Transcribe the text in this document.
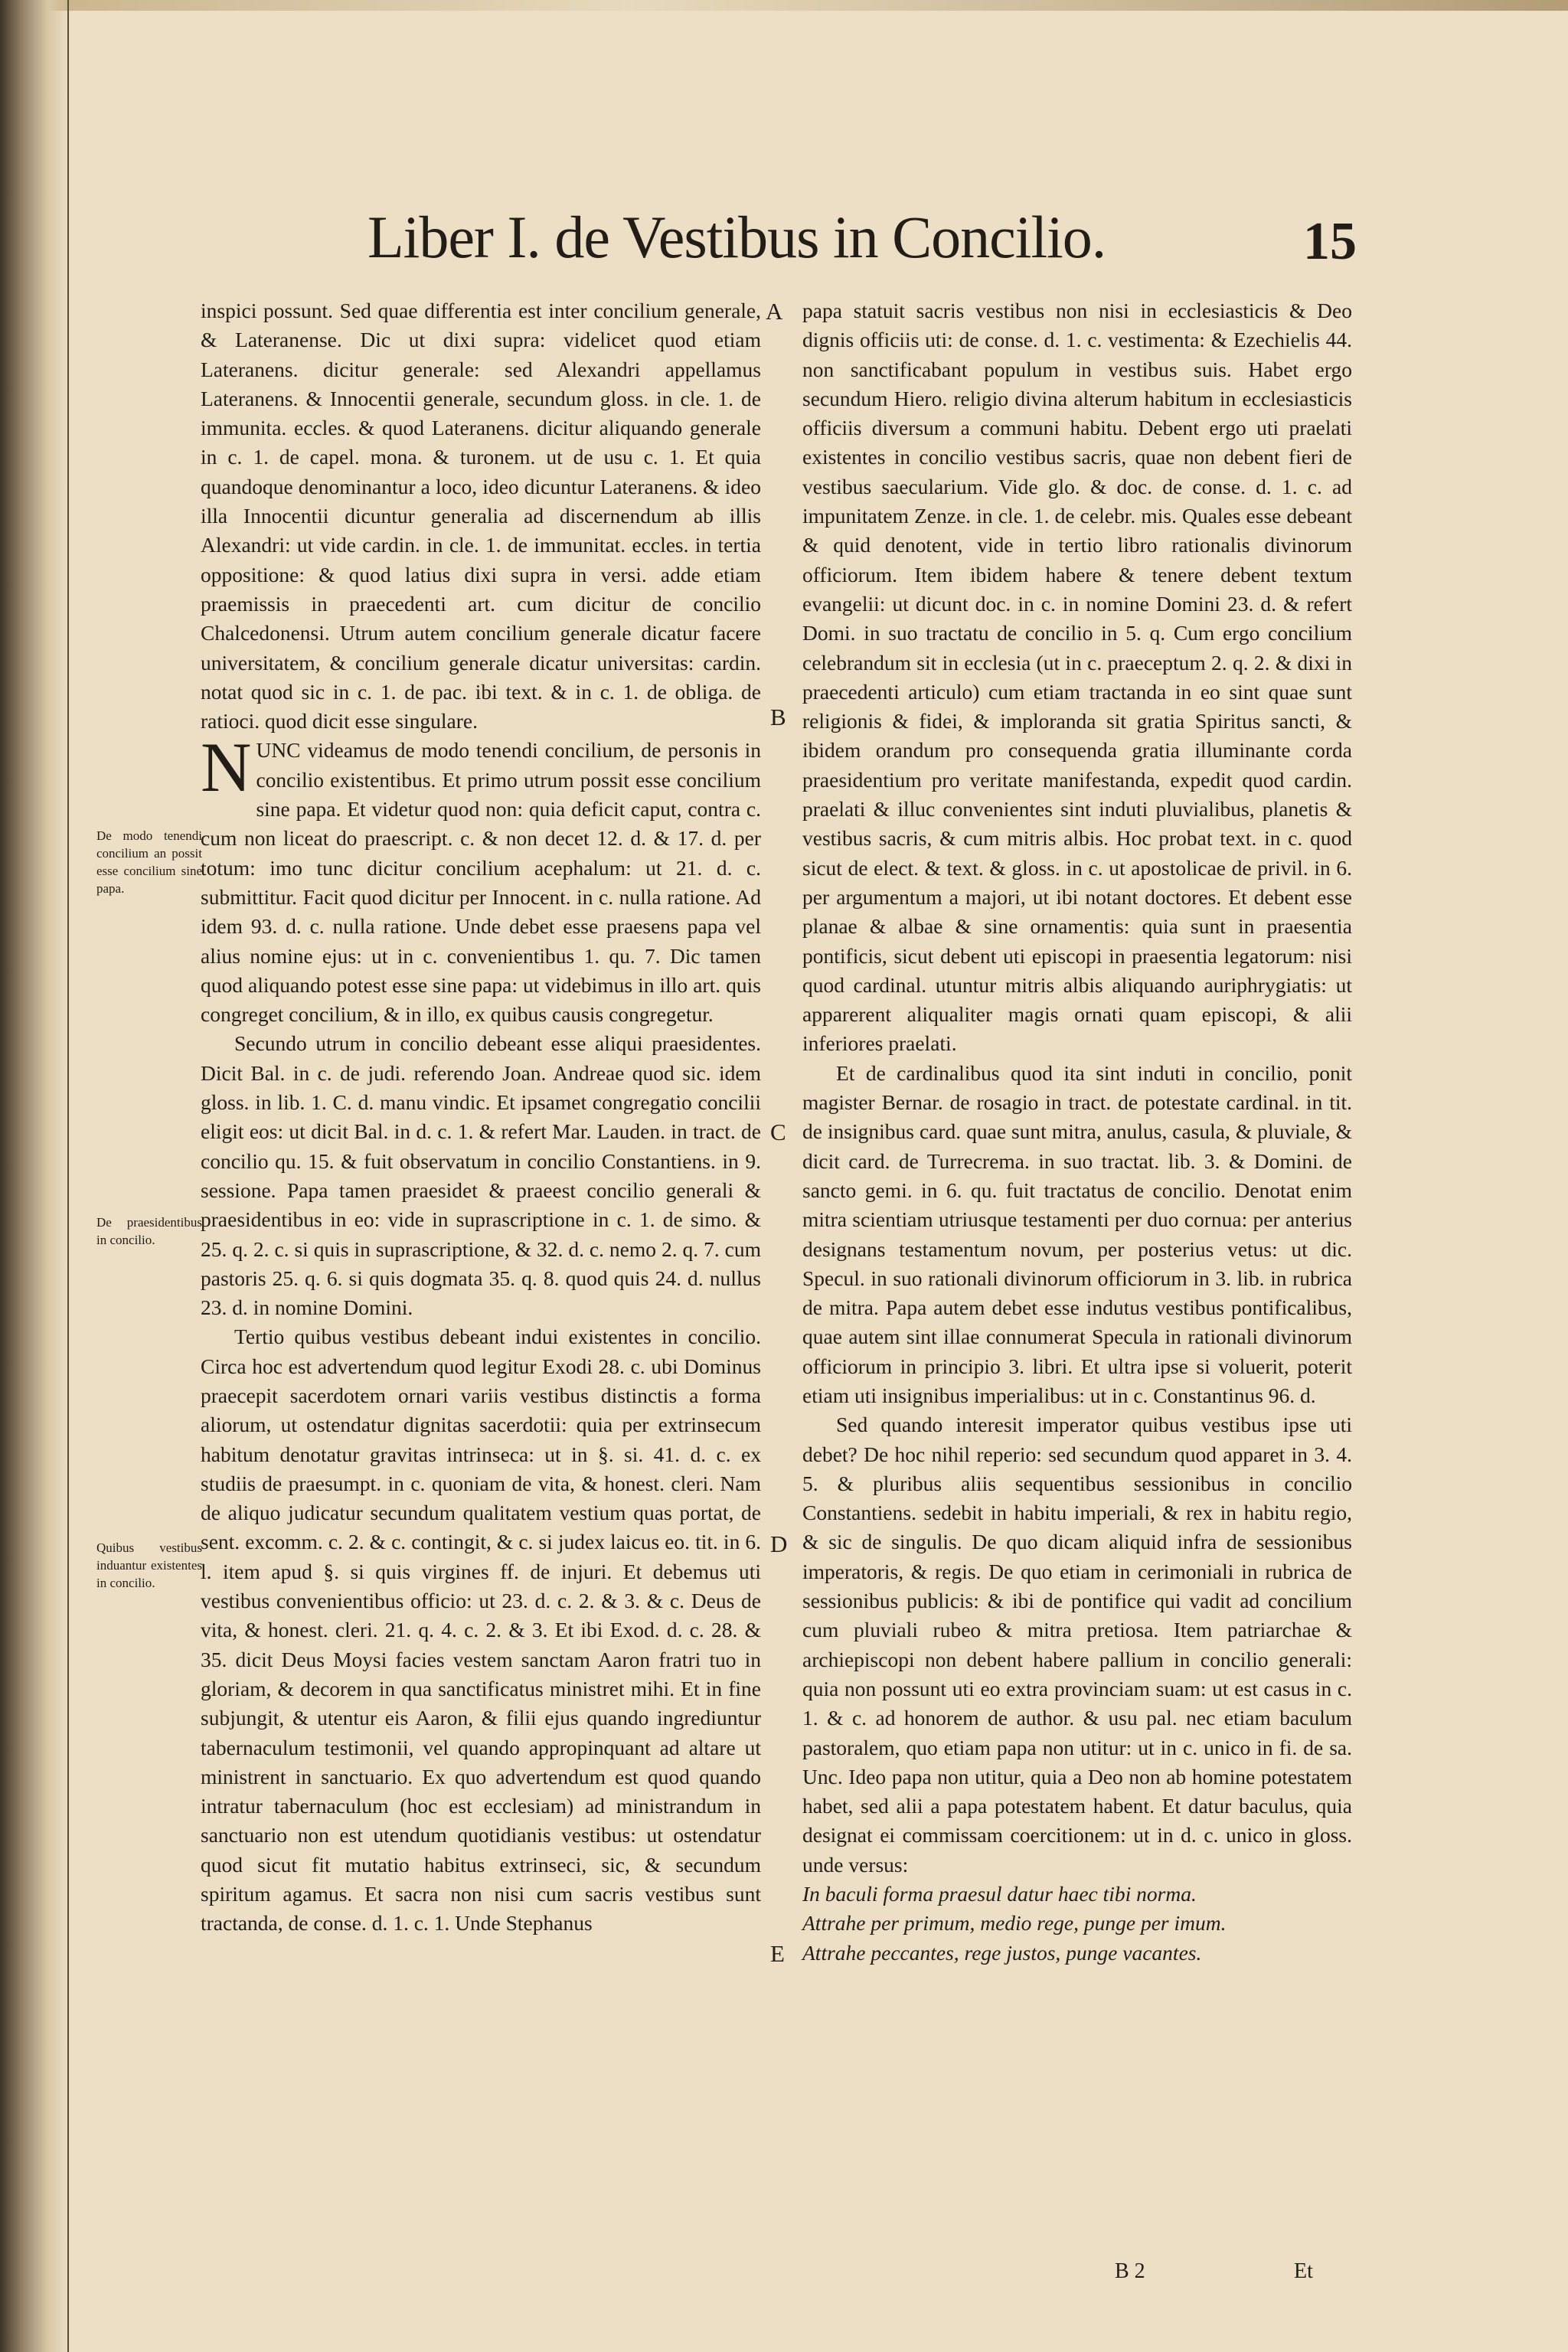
Liber I. de Vestibus in Concilio.	15
De modo tenendi concilium an possit esse concilium sine papa.
De praesidentibus in concilio.
Quibus vestibus induantur existentes in concilio.
A
B
C
D
E

inspici possunt. Sed quae differentia est inter concilium generale, & Lateranense. Dic ut dixi supra: videlicet quod etiam Lateranens. dicitur generale: sed Alexandri appellamus Lateranens. & Innocentii generale, secundum gloss. in cle. 1. de immunita. eccles. & quod Lateranens. dicitur aliquando generale in c. 1. de capel. mona. & turonem. ut de usu c. 1. Et quia quandoque denominantur a loco, ideo dicuntur Lateranens. & ideo illa Innocentii dicuntur generalia ad discernendum ab illis Alexandri: ut vide cardin. in cle. 1. de immunitat. eccles. in tertia oppositione: & quod latius dixi supra in versi. adde etiam praemissis in praecedenti art. cum dicitur de concilio Chalcedonensi. Utrum autem concilium generale dicatur facere universitatem, & concilium generale dicatur universitas: cardin. notat quod sic in c. 1. de pac. ibi text. & in c. 1. de obliga. de ratioci. quod dicit esse singulare.

NUNC videamus de modo tenendi concilium, de personis in concilio existentibus. Et primo utrum possit esse concilium sine papa. Et videtur quod non: quia deficit caput, contra c. cum non liceat do praescript. c. & non decet 12. d. & 17. d. per totum: imo tunc dicitur concilium acephalum: ut 21. d. c. submittitur. Facit quod dicitur per Innocent. in c. nulla ratione. Ad idem 93. d. c. nulla ratione. Unde debet esse praesens papa vel alius nomine ejus: ut in c. convenientibus 1. qu. 7. Dic tamen quod aliquando potest esse sine papa: ut videbimus in illo art. quis congreget concilium, & in illo, ex quibus causis congregetur.

Secundo utrum in concilio debeant esse aliqui praesidentes. Dicit Bal. in c. de judi. referendo Joan. Andreae quod sic. idem gloss. in lib. 1. C. d. manu vindic. Et ipsamet congregatio concilii eligit eos: ut dicit Bal. in d. c. 1. & refert Mar. Lauden. in tract. de concilio qu. 15. & fuit observatum in concilio Constantiens. in 9. sessione. Papa tamen praesidet & praeest concilio generali & praesidentibus in eo: vide in suprascriptione in c. 1. de simo. & 25. q. 2. c. si quis in suprascriptione, & 32. d. c. nemo 2. q. 7. cum pastoris 25. q. 6. si quis dogmata 35. q. 8. quod quis 24. d. nullus 23. d. in nomine Domini.

Tertio quibus vestibus debeant indui existentes in concilio. Circa hoc est advertendum quod legitur Exodi 28. c. ubi Dominus praecepit sacerdotem ornari variis vestibus distinctis a forma aliorum, ut ostendatur dignitas sacerdotii: quia per extrinsecum habitum denotatur gravitas intrinseca: ut in §. si. 41. d. c. ex studiis de praesumpt. in c. quoniam de vita, & honest. cleri. Nam de aliquo judicatur secundum qualitatem vestium quas portat, de sent. excomm. c. 2. & c. contingit, & c. si judex laicus eo. tit. in 6. l. item apud §. si quis virgines ff. de injuri. Et debemus uti vestibus convenientibus officio: ut 23. d. c. 2. & 3. & c. Deus de vita, & honest. cleri. 21. q. 4. c. 2. & 3. Et ibi Exod. d. c. 28. & 35. dicit Deus Moysi facies vestem sanctam Aaron fratri tuo in gloriam, & decorem in qua sanctificatus ministret mihi. Et in fine subjungit, & utentur eis Aaron, & filii ejus quando ingrediuntur tabernaculum testimonii, vel quando appropinquant ad altare ut ministrent in sanctuario. Ex quo advertendum est quod quando intratur tabernaculum (hoc est ecclesiam) ad ministrandum in sanctuario non est utendum quotidianis vestibus: ut ostendatur quod sicut fit mutatio habitus extrinseci, sic, & secundum spiritum agamus. Et sacra non nisi cum sacris vestibus sunt tractanda, de conse. d. 1. c. 1. Unde Stephanus

papa statuit sacris vestibus non nisi in ecclesiasticis & Deo dignis officiis uti: de conse. d. 1. c. vestimenta: & Ezechielis 44. non sanctificabant populum in vestibus suis. Habet ergo secundum Hiero. religio divina alterum habitum in ecclesiasticis officiis diversum a communi habitu. Debent ergo uti praelati existentes in concilio vestibus sacris, quae non debent fieri de vestibus saecularium. Vide glo. & doc. de conse. d. 1. c. ad impunitatem Zenze. in cle. 1. de celebr. mis. Quales esse debeant & quid denotent, vide in tertio libro rationalis divinorum officiorum. Item ibidem habere & tenere debent textum evangelii: ut dicunt doc. in c. in nomine Domini 23. d. & refert Domi. in suo tractatu de concilio in 5. q. Cum ergo concilium celebrandum sit in ecclesia (ut in c. praeceptum 2. q. 2. & dixi in praecedenti articulo) cum etiam tractanda in eo sint quae sunt religionis & fidei, & imploranda sit gratia Spiritus sancti, & ibidem orandum pro consequenda gratia illuminante corda praesidentium pro veritate manifestanda, expedit quod cardin. praelati & illuc convenientes sint induti pluvialibus, planetis & vestibus sacris, & cum mitris albis. Hoc probat text. in c. quod sicut de elect. & text. & gloss. in c. ut apostolicae de privil. in 6. per argumentum a majori, ut ibi notant doctores. Et debent esse planae & albae & sine ornamentis: quia sunt in praesentia pontificis, sicut debent uti episcopi in praesentia legatorum: nisi quod cardinal. utuntur mitris albis aliquando auriphrygiatis: ut apparerent aliqualiter magis ornati quam episcopi, & alii inferiores praelati.

Et de cardinalibus quod ita sint induti in concilio, ponit magister Bernar. de rosagio in tract. de potestate cardinal. in tit. de insignibus card. quae sunt mitra, anulus, casula, & pluviale, & dicit card. de Turrecrema. in suo tractat. lib. 3. & Domini. de sancto gemi. in 6. qu. fuit tractatus de concilio. Denotat enim mitra scientiam utriusque testamenti per duo cornua: per anterius designans testamentum novum, per posterius vetus: ut dic. Specul. in suo rationali divinorum officiorum in 3. lib. in rubrica de mitra. Papa autem debet esse indutus vestibus pontificalibus, quae autem sint illae connumerat Specula in rationali divinorum officiorum in principio 3. libri. Et ultra ipse si voluerit, poterit etiam uti insignibus imperialibus: ut in c. Constantinus 96. d.

Sed quando interesit imperator quibus vestibus ipse uti debet? De hoc nihil reperio: sed secundum quod apparet in 3. 4. 5. & pluribus aliis sequentibus sessionibus in concilio Constantiens. sedebit in habitu imperiali, & rex in habitu regio, & sic de singulis. De quo dicam aliquid infra de sessionibus imperatoris, & regis. De quo etiam in cerimoniali in rubrica de sessionibus publicis: & ibi de pontifice qui vadit ad concilium cum pluviali rubeo & mitra pretiosa. Item patriarchae & archiepiscopi non debent habere pallium in concilio generali: quia non possunt uti eo extra provinciam suam: ut est casus in c. 1. & c. ad honorem de author. & usu pal. nec etiam baculum pastoralem, quo etiam papa non utitur: ut in c. unico in fi. de sa. Unc. Ideo papa non utitur, quia a Deo non ab homine potestatem habet, sed alii a papa potestatem habent. Et datur baculus, quia designat ei commissam coercitionem: ut in d. c. unico in gloss. unde versus:

In baculi forma praesul datur haec tibi norma.

Attrahe per primum, medio rege, punge per imum.

Attrahe peccantes, rege justos, punge vacantes.

B 2	Et
